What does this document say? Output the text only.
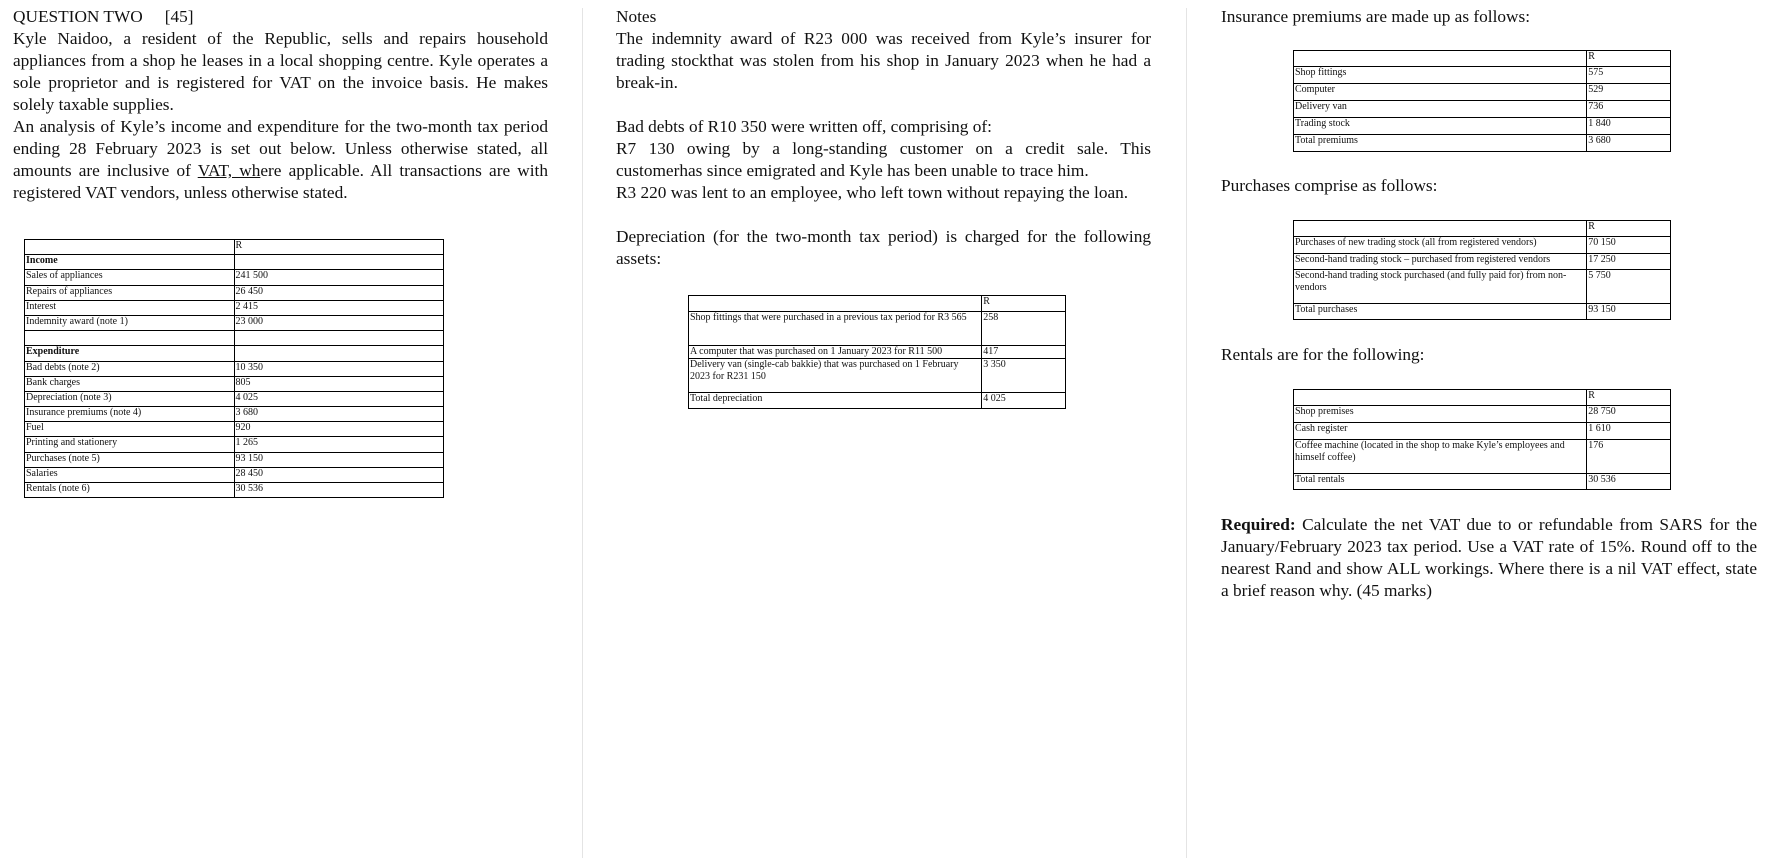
QUESTION TWO [45]

Kyle Naidoo, a resident of the Republic, sells and repairs household appliances from a shop he leases in a local shopping centre. Kyle operates a sole proprietor and is registered for VAT on the invoice basis. He makes solely taxable supplies.

An analysis of Kyle’s income and expenditure for the two-month tax period ending 28 February 2023 is set out below. Unless otherwise stated, all amounts are inclusive of VAT, where applicable. All transactions are with registered VAT vendors, unless otherwise stated.

	R
Income	
Sales of appliances	241 500
Repairs of appliances	26 450
Interest	2 415
Indemnity award (note 1)	23 000

Expenditure	
Bad debts (note 2)	10 350
Bank charges	805
Depreciation (note 3)	4 025
Insurance premiums (note 4)	3 680
Fuel	920
Printing and stationery	1 265
Purchases (note 5)	93 150
Salaries	28 450
Rentals (note 6)	30 536

Notes

The indemnity award of R23 000 was received from Kyle’s insurer for trading stockthat was stolen from his shop in January 2023 when he had a break-in.

Bad debts of R10 350 were written off, comprising of:

R7 130 owing by a long-standing customer on a credit sale. This customerhas since emigrated and Kyle has been unable to trace him.

R3 220 was lent to an employee, who left town without repaying the loan.

Depreciation (for the two-month tax period) is charged for the following assets:

	R
Shop fittings that were purchased in a previous tax period for R3 565	258
A computer that was purchased on 1 January 2023 for R11 500	417
Delivery van (single-cab bakkie) that was purchased on 1 February 2023 for R231 150	3 350
Total depreciation	4 025

Insurance premiums are made up as follows:

	R
Shop fittings	575
Computer	529
Delivery van	736
Trading stock	1 840
Total premiums	3 680

Purchases comprise as follows:

	R
Purchases of new trading stock (all from registered vendors)	70 150
Second-hand trading stock – purchased from registered vendors	17 250
Second-hand trading stock purchased (and fully paid for) from non-vendors	5 750
Total purchases	93 150

Rentals are for the following:

	R
Shop premises	28 750
Cash register	1 610
Coffee machine (located in the shop to make Kyle’s employees and himself coffee)	176
Total rentals	30 536

Required: Calculate the net VAT due to or refundable from SARS for the January/February 2023 tax period. Use a VAT rate of 15%. Round off to the nearest Rand and show ALL workings. Where there is a nil VAT effect, state a brief reason why. (45 marks)
